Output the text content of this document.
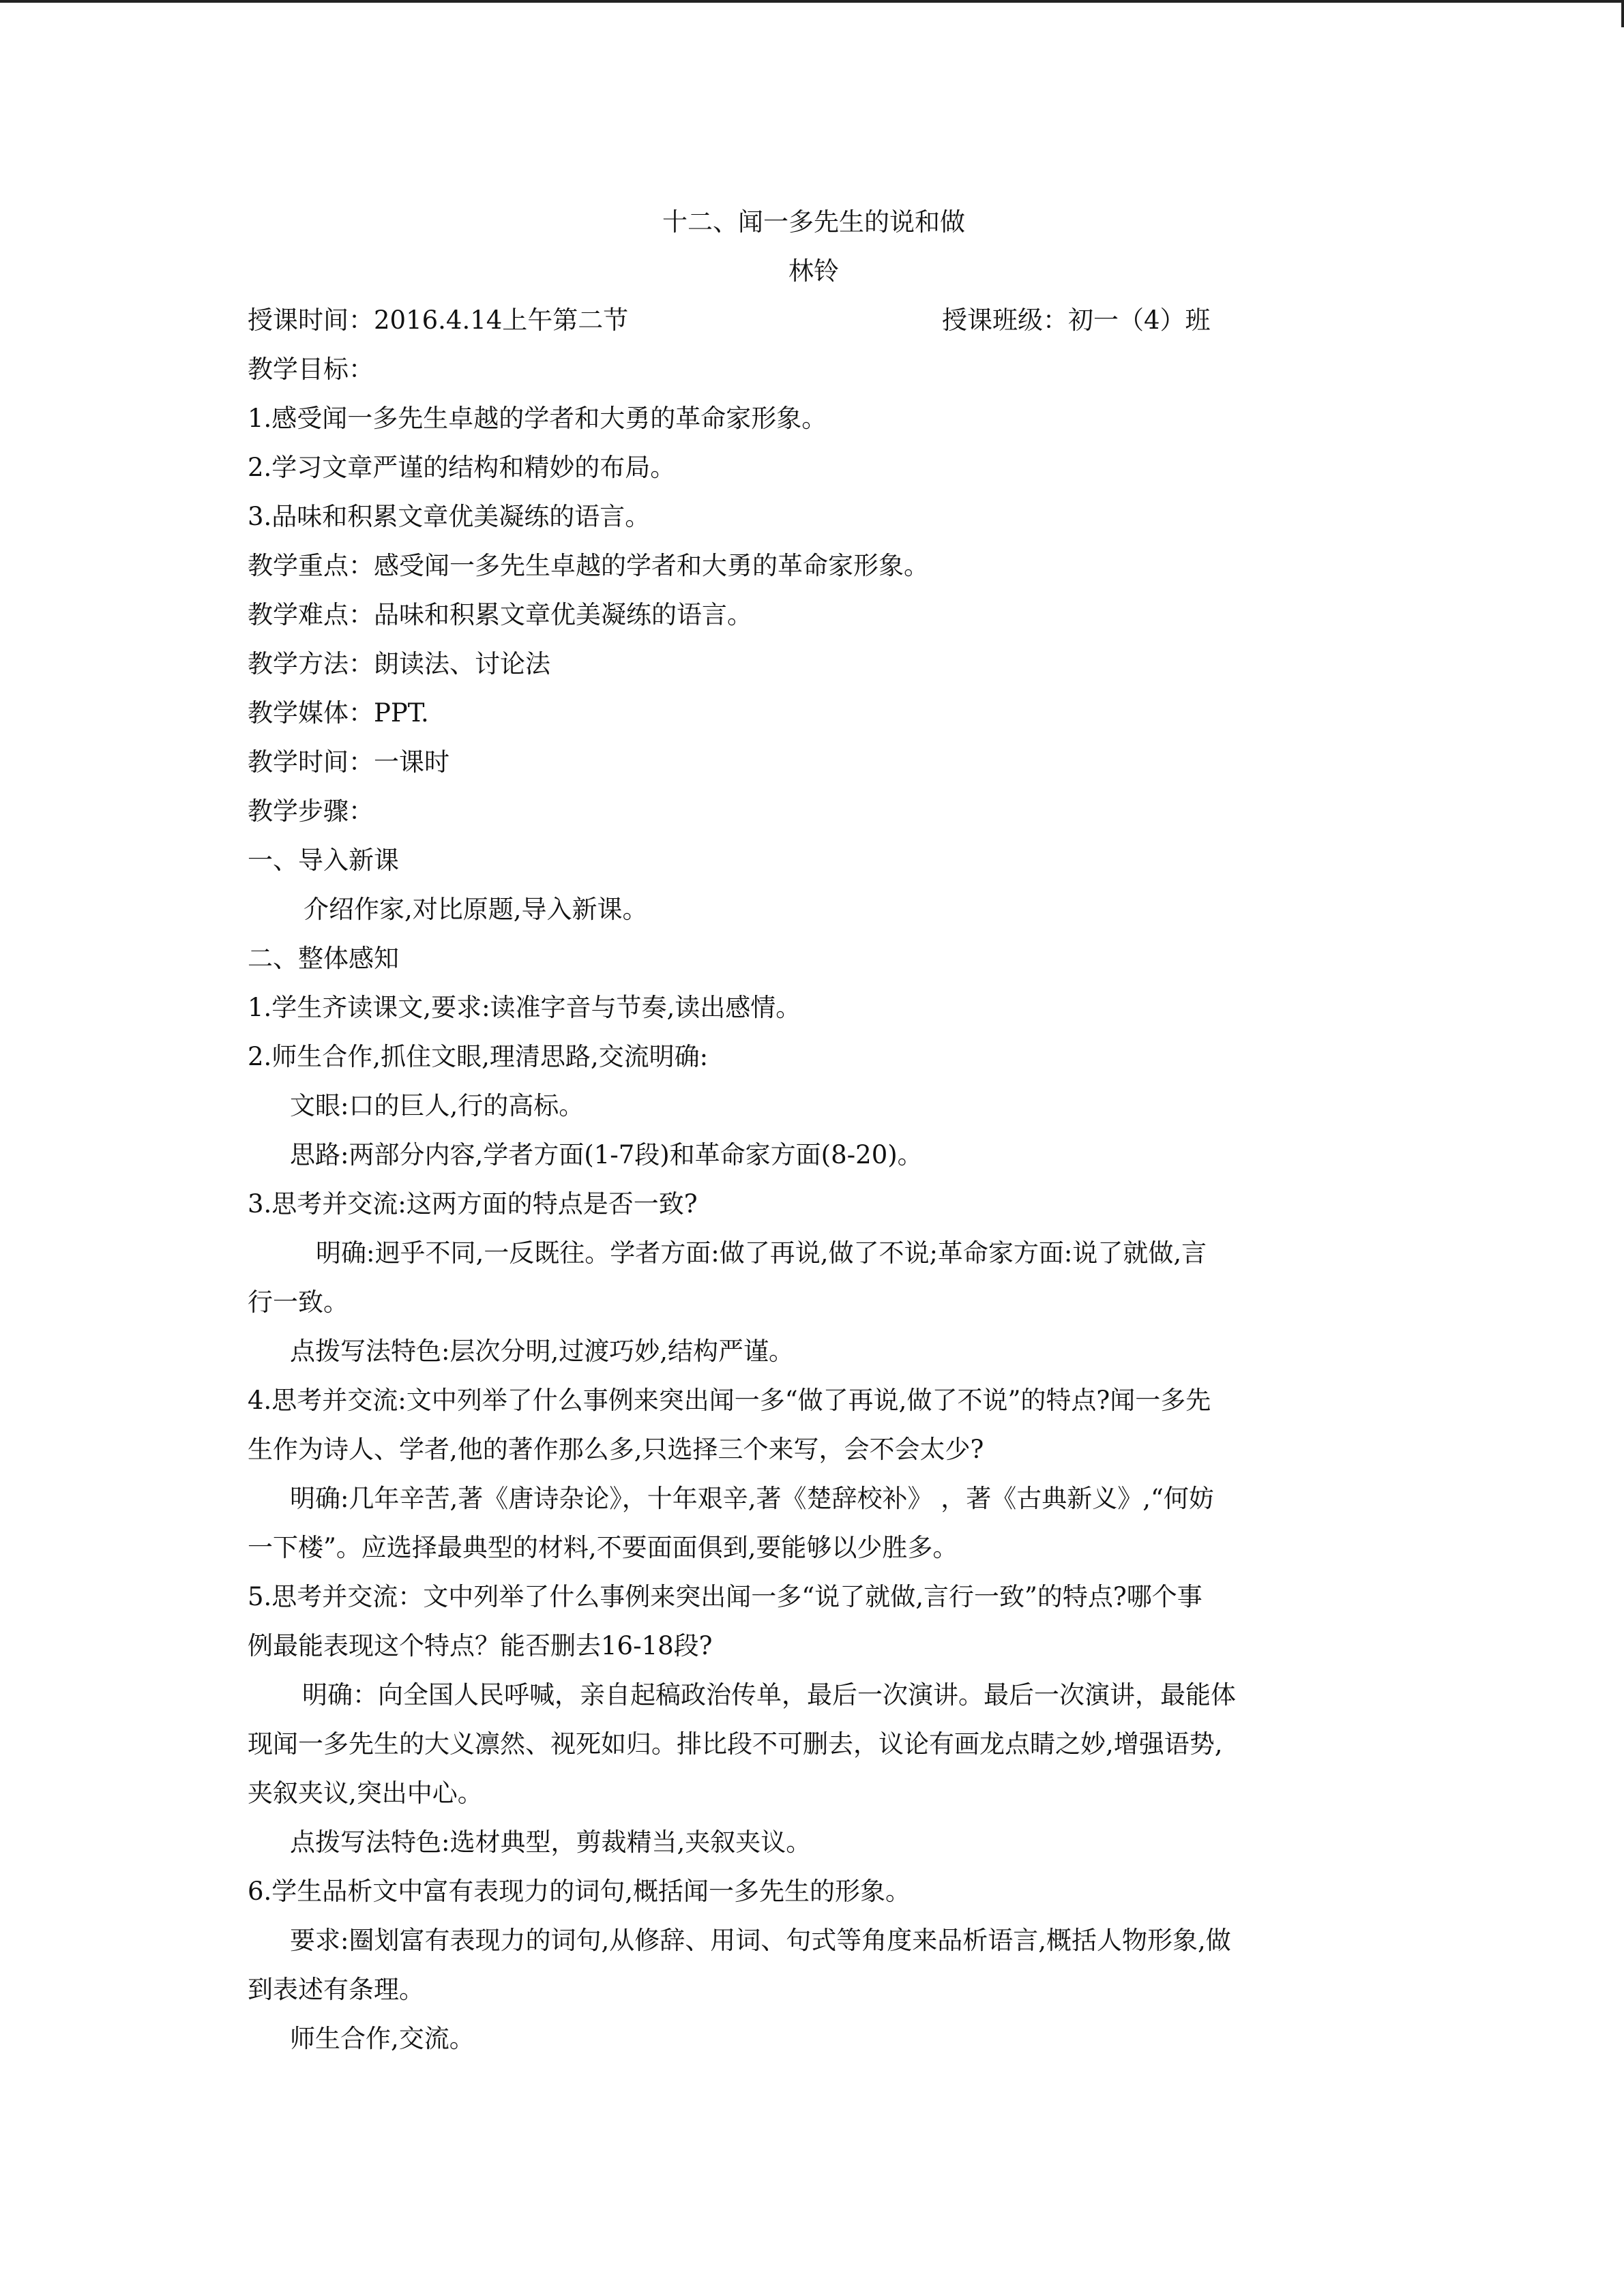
十二、闻一多先生的说和做
林铃
授课时间：2016.4.14上午第二节	授课班级：初一（4）班
教学目标：
1.感受闻一多先生卓越的学者和大勇的革命家形象。
2.学习文章严谨的结构和精妙的布局。
3.品味和积累文章优美凝练的语言。
教学重点：感受闻一多先生卓越的学者和大勇的革命家形象。
教学难点：品味和积累文章优美凝练的语言。
教学方法：朗读法、讨论法
教学媒体：PPT.
教学时间：一课时
教学步骤：
一、导入新课
介绍作家,对比原题,导入新课。
二、整体感知
1.学生齐读课文,要求:读准字音与节奏,读出感情。
2.师生合作,抓住文眼,理清思路,交流明确:
文眼:口的巨人,行的高标。
思路:两部分内容,学者方面(1-7段)和革命家方面(8-20)。
3.思考并交流:这两方面的特点是否一致?
明确:迥乎不同,一反既往。学者方面:做了再说,做了不说;革命家方面:说了就做,言
行一致。
点拨写法特色:层次分明,过渡巧妙,结构严谨。
4.思考并交流:文中列举了什么事例来突出闻一多“做了再说,做了不说”的特点?闻一多先
生作为诗人、学者,他的著作那么多,只选择三个来写，会不会太少?
明确:几年辛苦,著《唐诗杂论》，十年艰辛,著《楚辞校补》 ，著《古典新义》,“何妨
一下楼”。应选择最典型的材料,不要面面俱到,要能够以少胜多。
5.思考并交流：文中列举了什么事例来突出闻一多“说了就做,言行一致”的特点?哪个事
例最能表现这个特点？能否删去16-18段?
明确：向全国人民呼喊，亲自起稿政治传单，最后一次演讲。最后一次演讲，最能体
现闻一多先生的大义凛然、视死如归。排比段不可删去，议论有画龙点睛之妙,增强语势,
夹叙夹议,突出中心。
点拨写法特色:选材典型，剪裁精当,夹叙夹议。
6.学生品析文中富有表现力的词句,概括闻一多先生的形象。
要求:圈划富有表现力的词句,从修辞、用词、句式等角度来品析语言,概括人物形象,做
到表述有条理。
师生合作,交流。
